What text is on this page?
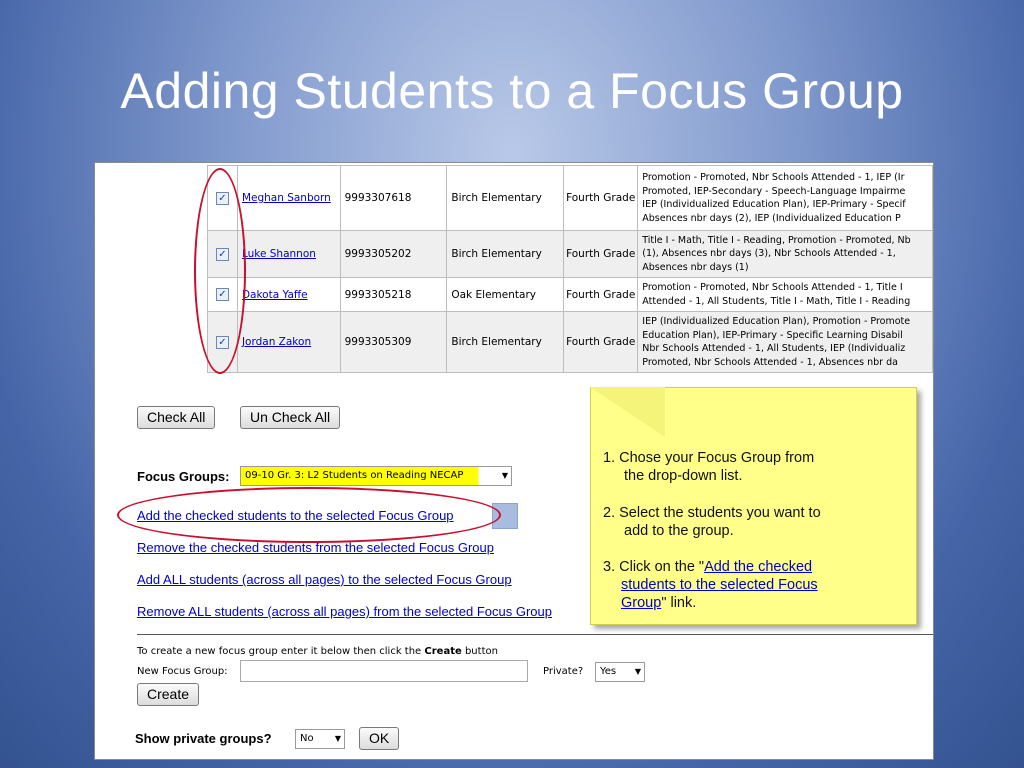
Adding Students to a Focus Group
✓	Meghan Sanborn	9993307618	Birch Elementary	Fourth Grade	Promotion - Promoted, Nbr Schools Attended - 1, IEP (Ir
Promoted, IEP-Secondary - Speech-Language Impairme
IEP (Individualized Education Plan), IEP-Primary - Specif
Absences nbr days (2), IEP (Individualized Education P

✓	Luke Shannon	9993305202	Birch Elementary	Fourth Grade	Title I - Math, Title I - Reading, Promotion - Promoted, Nb
(1), Absences nbr days (3), Nbr Schools Attended - 1,
Absences nbr days (1)

✓	Dakota Yaffe	9993305218	Oak Elementary	Fourth Grade	Promotion - Promoted, Nbr Schools Attended - 1, Title I
Attended - 1, All Students, Title I - Math, Title I - Reading

✓	Jordan Zakon	9993305309	Birch Elementary	Fourth Grade	IEP (Individualized Education Plan), Promotion - Promote
Education Plan), IEP-Primary - Specific Learning Disabil
Nbr Schools Attended - 1, All Students, IEP (Individualiz
Promoted, Nbr Schools Attended - 1, Absences nbr da
Check All	Un Check All
Focus Groups:	09-10 Gr. 3: L2 Students on Reading NECAP	▼
Add the checked students to the selected Focus Group
Remove the checked students from the selected Focus Group
Add ALL students (across all pages) to the selected Focus Group
Remove ALL students (across all pages) from the selected Focus Group

1. Chose your Focus Group from

the drop-down list.

2. Select the students you want to

add to the group.

3. Click on the "Add the checked

students to the selected Focus

Group" link.

To create a new focus group enter it below then click the Create button
New Focus Group:	Private?	Yes ▼
Create
Show private groups?	No	▼	OK
